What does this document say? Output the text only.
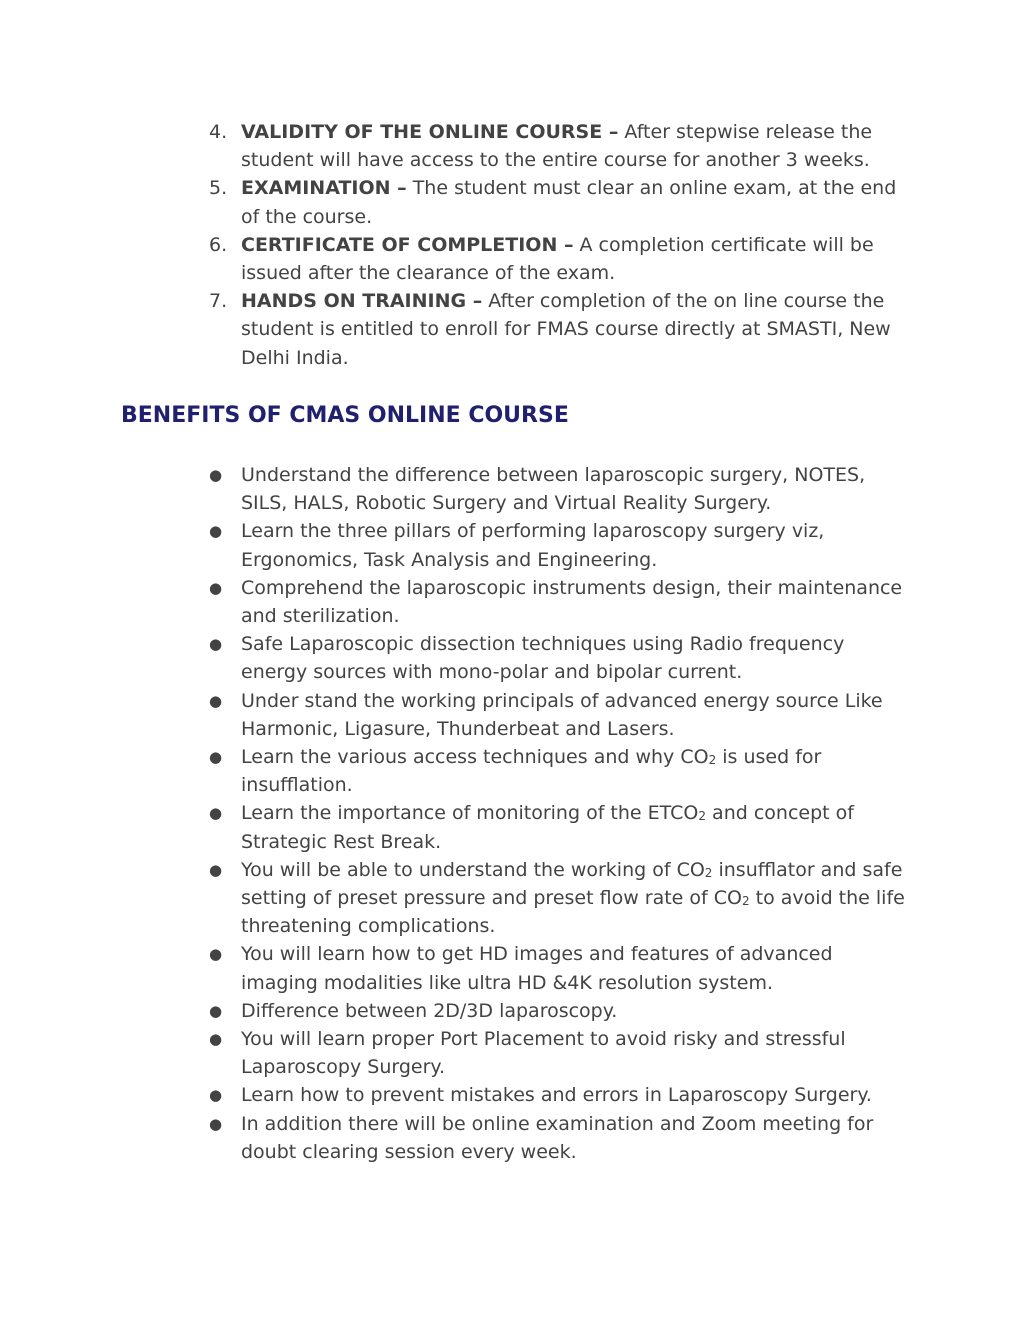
4. VALIDITY OF THE ONLINE COURSE – After stepwise release the student will have access to the entire course for another 3 weeks.
5. EXAMINATION – The student must clear an online exam, at the end of the course.
6. CERTIFICATE OF COMPLETION – A completion certificate will be issued after the clearance of the exam.
7. HANDS ON TRAINING – After completion of the on line course the student is entitled to enroll for FMAS course directly at SMASTI, New Delhi India.
BENEFITS OF CMAS ONLINE COURSE
● Understand the difference between laparoscopic surgery, NOTES, SILS, HALS, Robotic Surgery and Virtual Reality Surgery.
● Learn the three pillars of performing laparoscopy surgery viz, Ergonomics, Task Analysis and Engineering.
● Comprehend the laparoscopic instruments design, their maintenance and sterilization.
● Safe Laparoscopic dissection techniques using Radio frequency energy sources with mono-polar and bipolar current.
● Under stand the working principals of advanced energy source Like Harmonic, Ligasure, Thunderbeat and Lasers.
● Learn the various access techniques and why $CO_2$ is used for insufflation.
● Learn the importance of monitoring of the $ETCO_2$ and concept of Strategic Rest Break.
● You will be able to understand the working of $CO_2$ insufflator and safe setting of preset pressure and preset flow rate of $CO_2$ to avoid the life threatening complications.
● You will learn how to get HD images and features of advanced imaging modalities like ultra HD &4K resolution system.
● Difference between 2D/3D laparoscopy.
● You will learn proper Port Placement to avoid risky and stressful Laparoscopy Surgery.
● Learn how to prevent mistakes and errors in Laparoscopy Surgery.
● In addition there will be online examination and Zoom meeting for doubt clearing session every week.
